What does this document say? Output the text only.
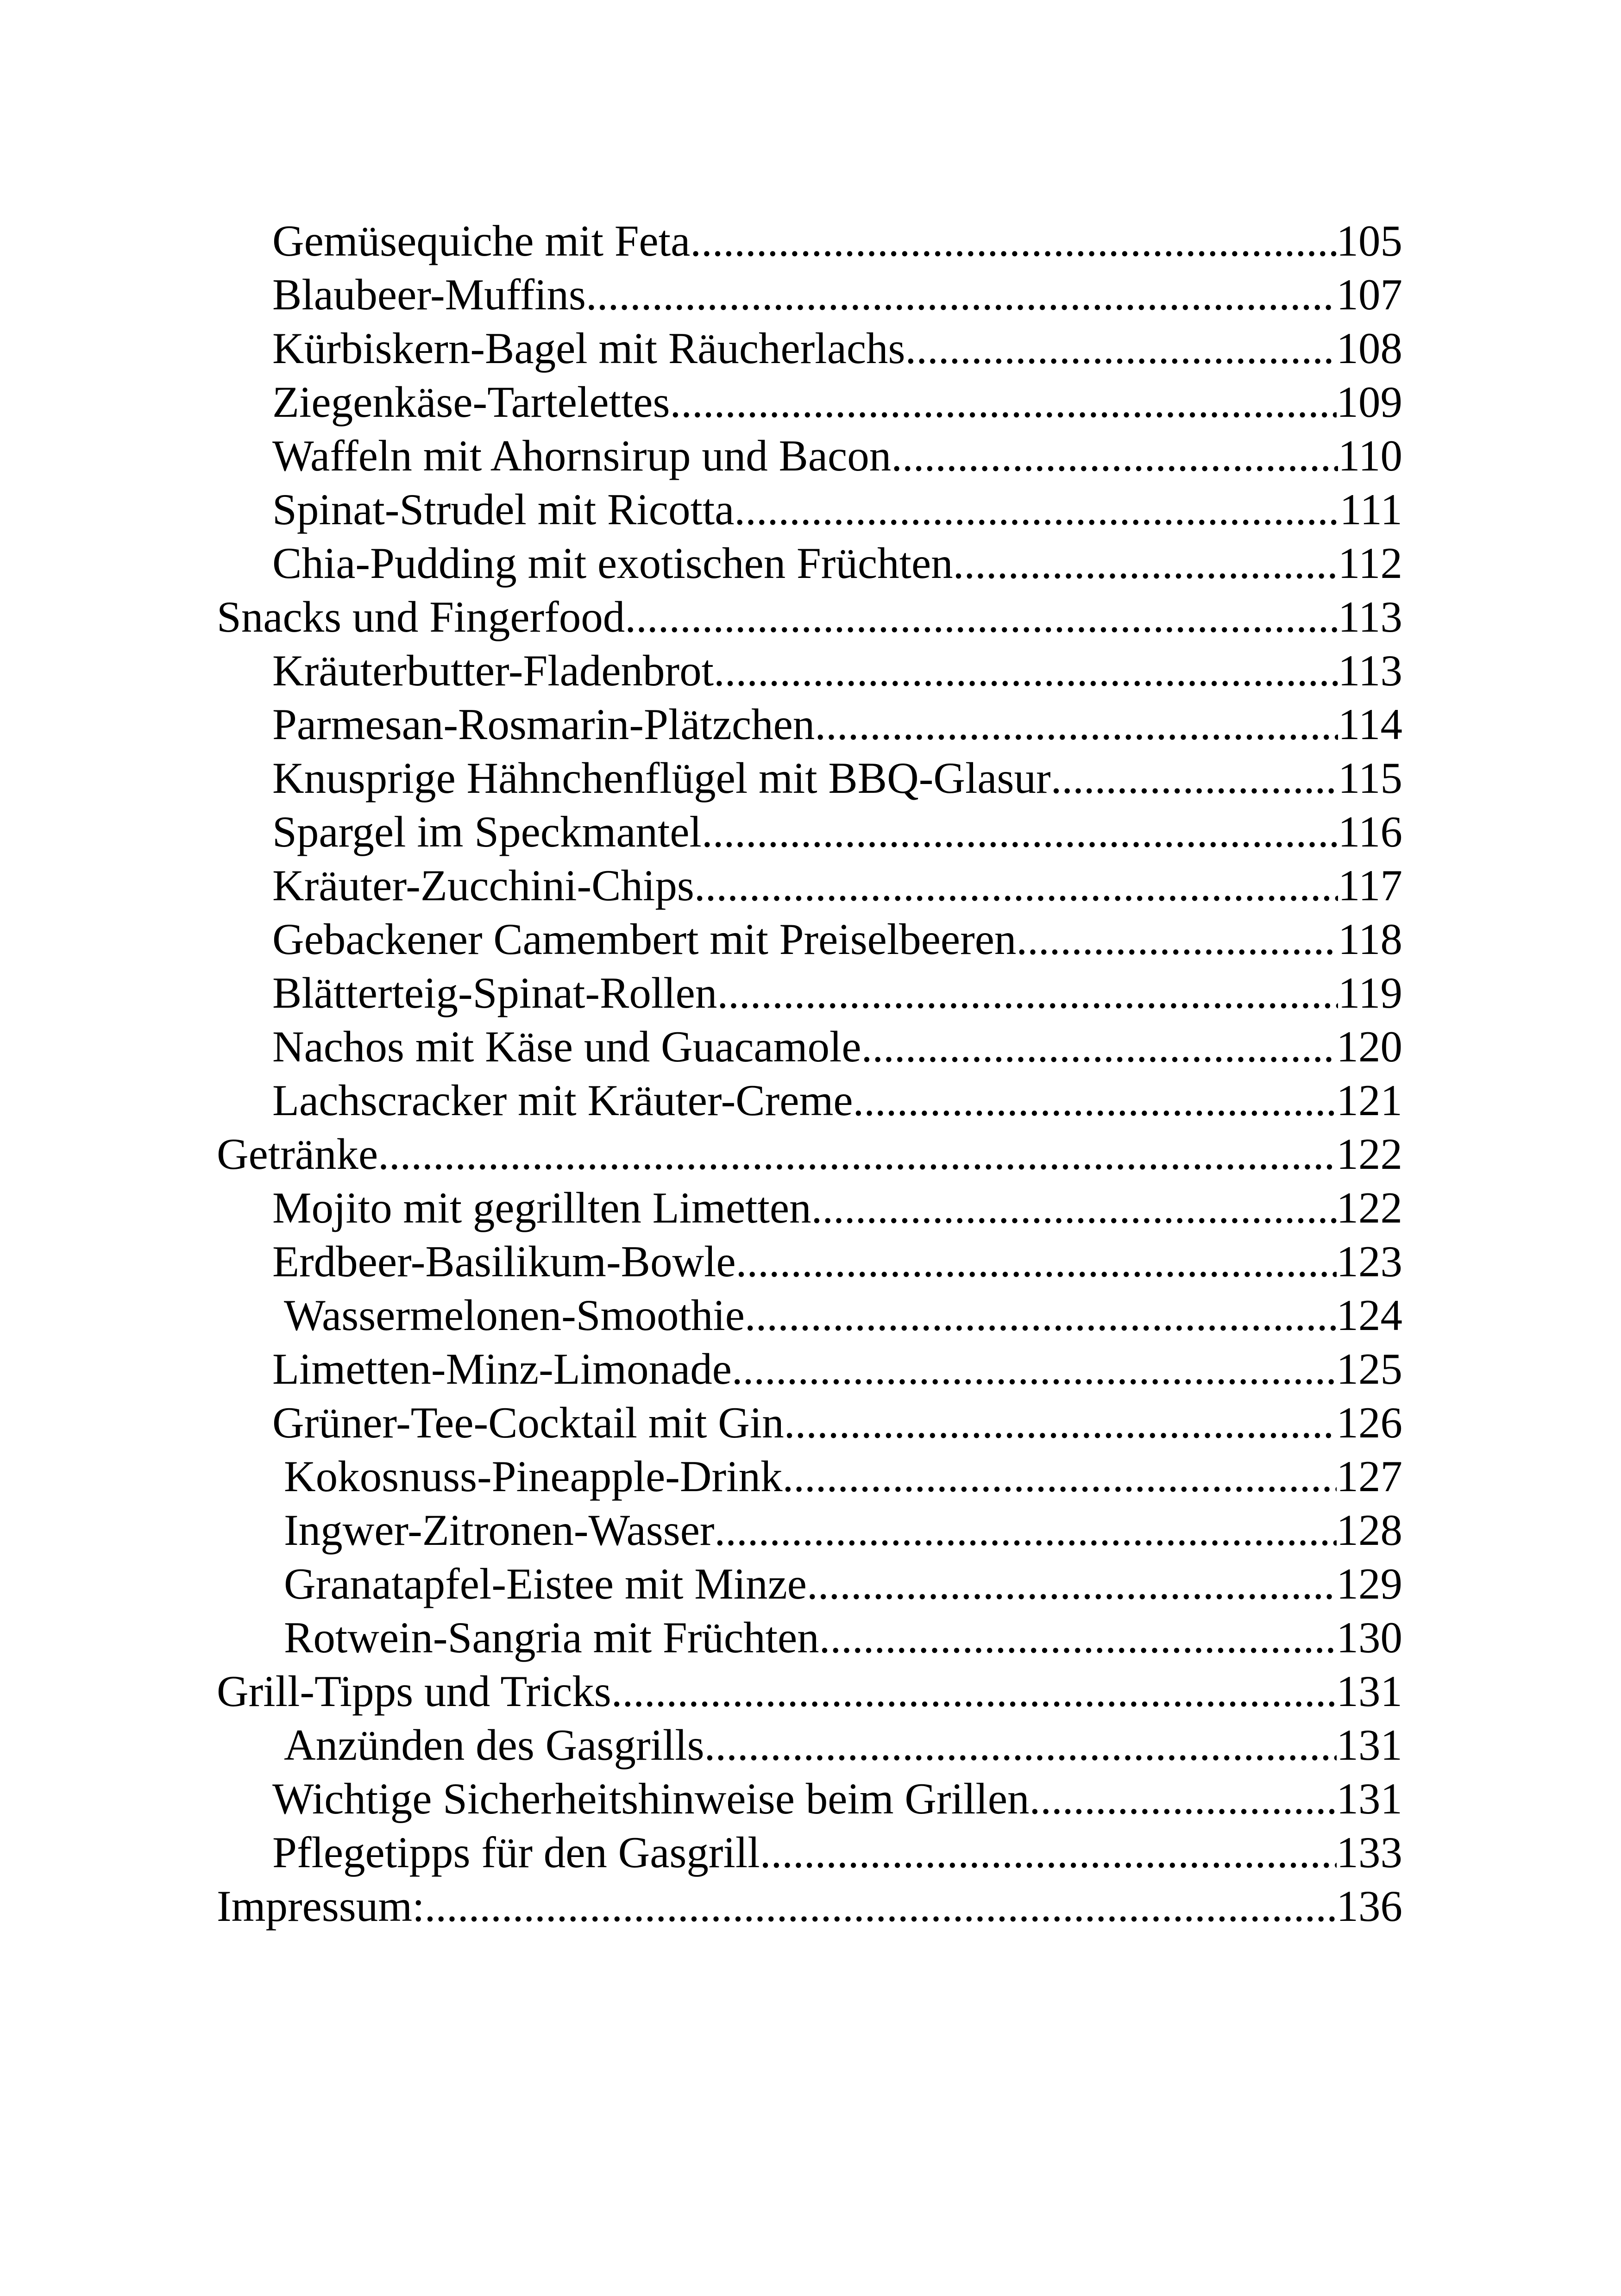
Gemüsequiche mit Feta .....	105
Blaubeer-Muffins .....	107
Kürbiskern-Bagel mit Räucherlachs .....	108
Ziegenkäse-Tartelettes .....	109
Waffeln mit Ahornsirup und Bacon .....	110
Spinat-Strudel mit Ricotta .....	111
Chia-Pudding mit exotischen Früchten .....	112
Snacks und Fingerfood .....	113
Kräuterbutter-Fladenbrot .....	113
Parmesan-Rosmarin-Plätzchen .....	114
Knusprige Hähnchenflügel mit BBQ-Glasur .....	115
Spargel im Speckmantel .....	116
Kräuter-Zucchini-Chips .....	117
Gebackener Camembert mit Preiselbeeren .....	118
Blätterteig-Spinat-Rollen .....	119
Nachos mit Käse und Guacamole .....	120
Lachscracker mit Kräuter-Creme .....	121
Getränke .....	122
Mojito mit gegrillten Limetten .....	122
Erdbeer-Basilikum-Bowle .....	123
Wassermelonen-Smoothie .....	124
Limetten-Minz-Limonade. .....	125
Grüner-Tee-Cocktail mit Gin .....	126
Kokosnuss-Pineapple-Drink .....	127
Ingwer-Zitronen-Wasser .....	128
Granatapfel-Eistee mit Minze .....	129
Rotwein-Sangria mit Früchten .....	130
Grill-Tipps und Tricks .....	131
Anzünden des Gasgrills .....	131
Wichtige Sicherheitshinweise beim Grillen .....	131
Pflegetipps für den Gasgrill .....	133
Impressum: .....	136
